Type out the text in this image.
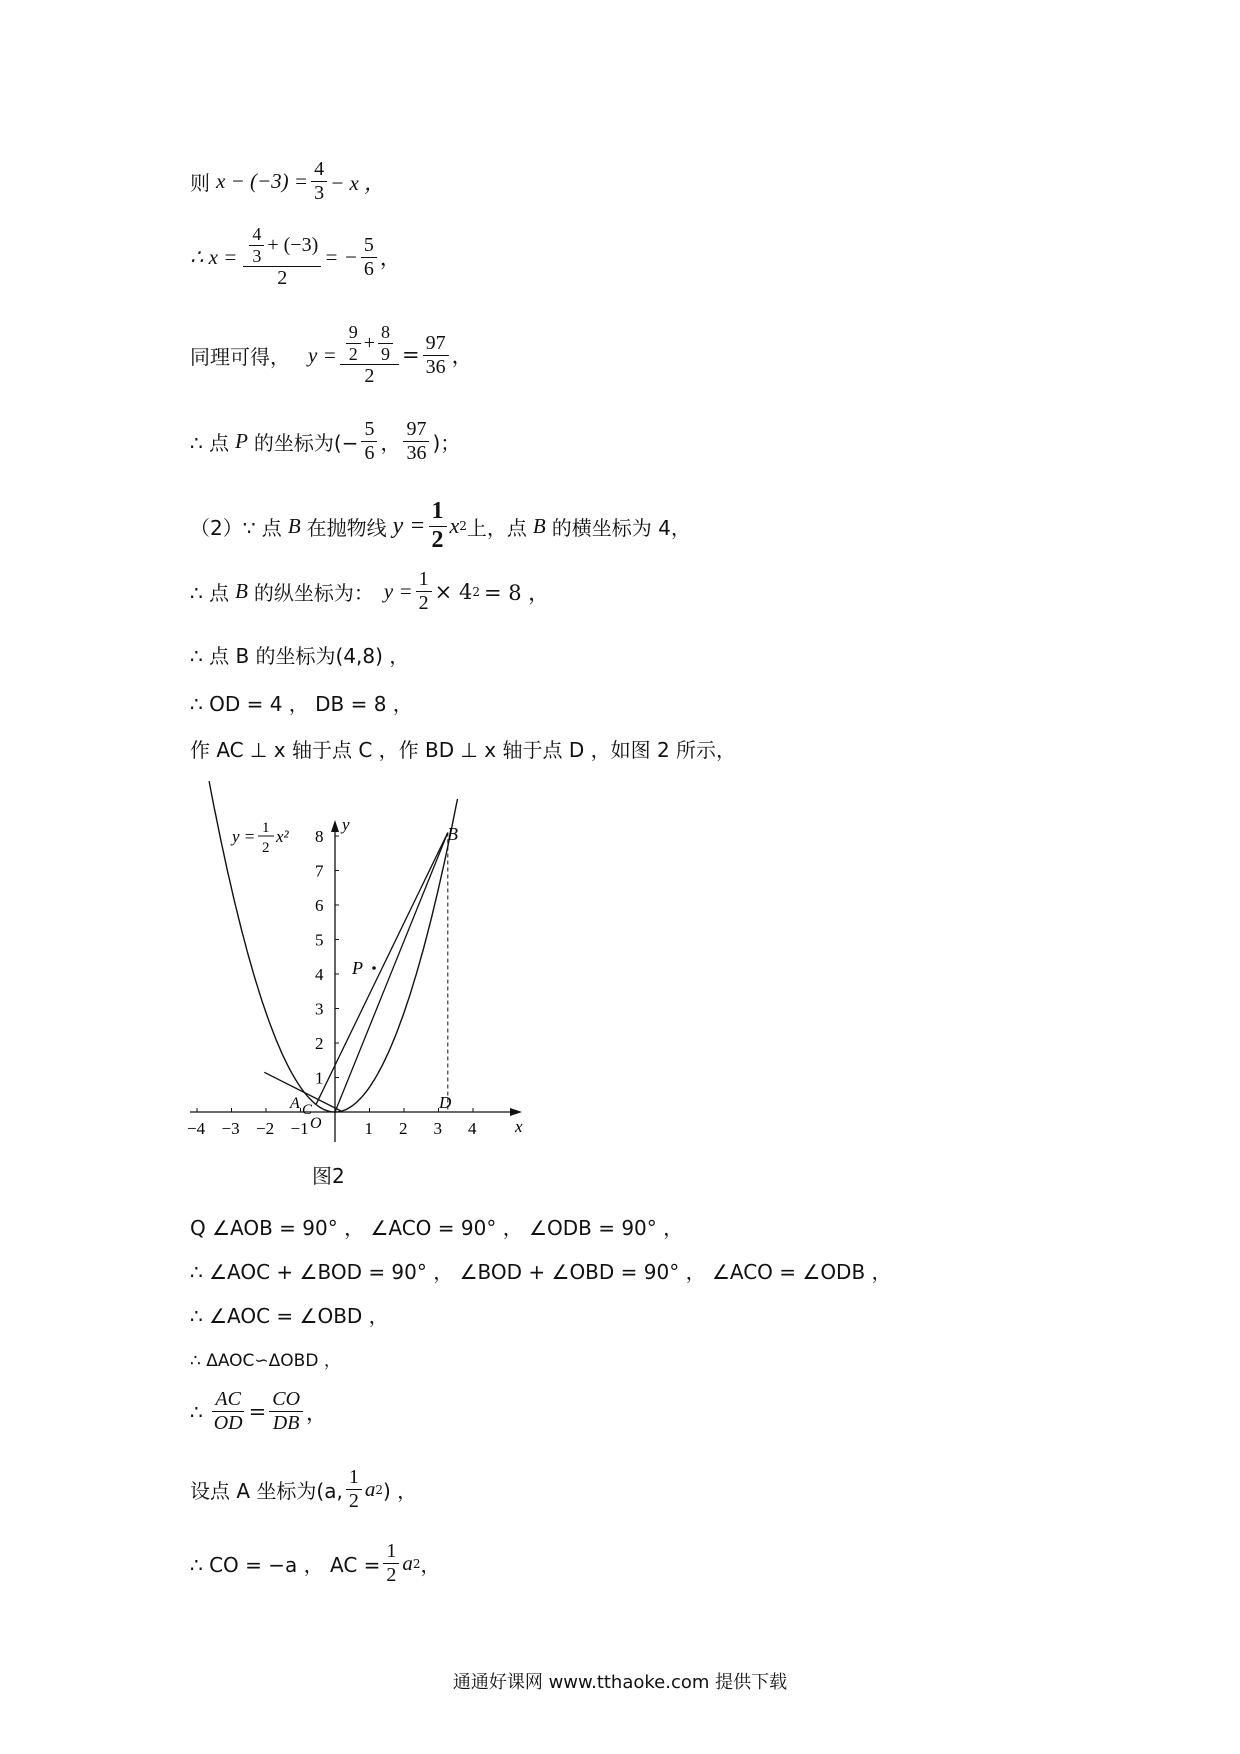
则 $x - (-3) = \frac{4}{3} - x$ ，
∴ $x = \frac{\frac{4}{3} + (-3)}{2}$ = − $\frac{5}{6}$ ，
同理可得， $y = \frac{\frac{9}{2} + \frac{8}{9}}{2} = \frac{97}{36}$ ，
∴ 点 P 的坐标为(− $\frac{5}{6}$ ， $\frac{97}{36}$ )；
（2）∵ 点 B 在抛物线 $y = \frac{1}{2}$ x 2 上，点 B 的横坐标为 4，
∴ 点 B 的纵坐标为： $y = \frac{1}{2} \times 4$ 2 = 8 ，
∴ 点 B 的坐标为(4,8) ，
∴ OD = 4 ， DB = 8 ，
作 AC ⊥ x 轴于点 C ，作 BD ⊥ x 轴于点 D ，如图 2 所示，
−4 −3 −2 −1	1 2 3 4
1
2
3
4
5
6
7
8
y = 1
2
x²
x
y	B
P
A C
O
D
图2
Q ∠AOB = 90° ， ∠ACO = 90° ， ∠ODB = 90° ，
∴ ∠AOC + ∠BOD = 90° ， ∠BOD + ∠OBD = 90° ， ∠ACO = ∠ODB ，
∴ ∠AOC = ∠OBD ，
∴ ΔAOC∽ΔOBD ，
∴ $\frac{AC}{OD} = \frac{CO}{DB}$ ，
设点 A 坐标为(a, $\frac{1}{2}$ a 2 ) ，
∴ CO = −a ， AC = $\frac{1}{2}$ a 2 ，
通通好课网 www.tthaoke.com 提供下载
